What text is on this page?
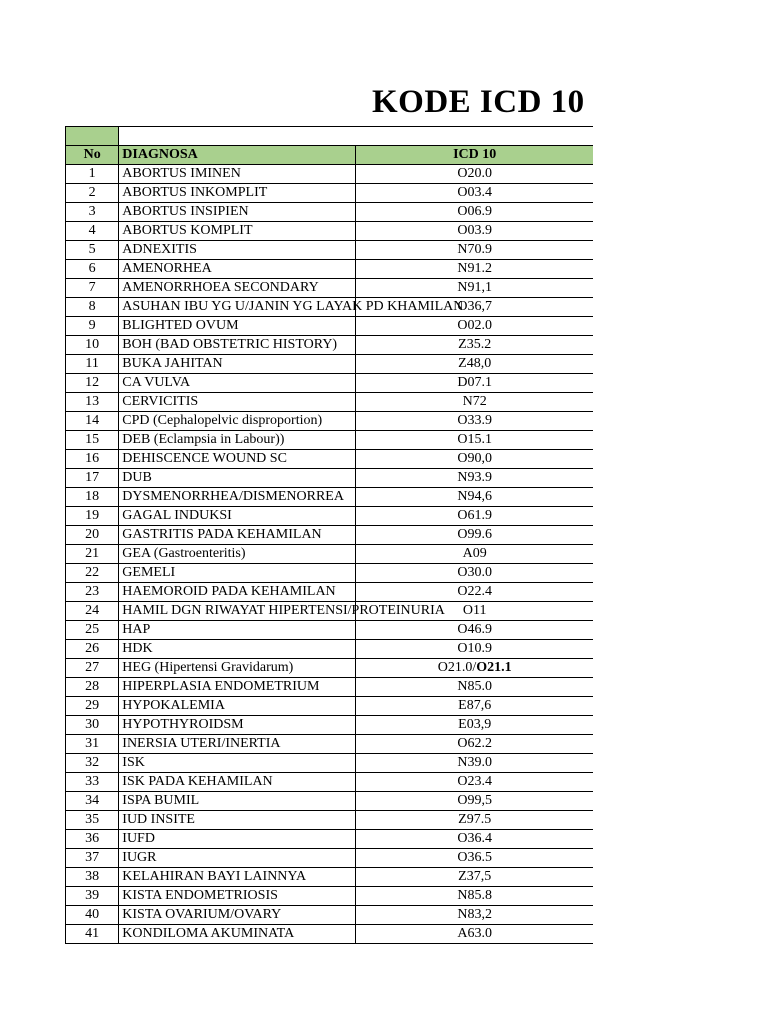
KODE ICD 10

No	DIAGNOSA	ICD 10
1	ABORTUS IMINEN	O20.0
2	ABORTUS INKOMPLIT	O03.4
3	ABORTUS INSIPIEN	O06.9
4	ABORTUS KOMPLIT	O03.9
5	ADNEXITIS	N70.9
6	AMENORHEA	N91.2
7	AMENORRHOEA SECONDARY	N91,1
8	ASUHAN IBU YG U/JANIN YG LAYAK PD KHAMILAN	O36,7
9	BLIGHTED OVUM	O02.0
10	BOH (BAD OBSTETRIC HISTORY)	Z35.2
11	BUKA JAHITAN	Z48,0
12	CA VULVA	D07.1
13	CERVICITIS	N72
14	CPD (Cephalopelvic disproportion)	O33.9
15	DEB (Eclampsia in Labour))	O15.1
16	DEHISCENCE WOUND SC	O90,0
17	DUB	N93.9
18	DYSMENORRHEA/DISMENORREA	N94,6
19	GAGAL INDUKSI	O61.9
20	GASTRITIS PADA KEHAMILAN	O99.6
21	GEA (Gastroenteritis)	A09
22	GEMELI	O30.0
23	HAEMOROID PADA KEHAMILAN	O22.4
24	HAMIL DGN RIWAYAT HIPERTENSI/PROTEINURIA	O11
25	HAP	O46.9
26	HDK	O10.9
27	HEG (Hipertensi Gravidarum)	O21.0/O21.1
28	HIPERPLASIA ENDOMETRIUM	N85.0
29	HYPOKALEMIA	E87,6
30	HYPOTHYROIDSM	E03,9
31	INERSIA UTERI/INERTIA	O62.2
32	ISK	N39.0
33	ISK PADA KEHAMILAN	O23.4
34	ISPA BUMIL	O99,5
35	IUD INSITE	Z97.5
36	IUFD	O36.4
37	IUGR	O36.5
38	KELAHIRAN BAYI LAINNYA	Z37,5
39	KISTA ENDOMETRIOSIS	N85.8
40	KISTA OVARIUM/OVARY	N83,2
41	KONDILOMA AKUMINATA	A63.0
